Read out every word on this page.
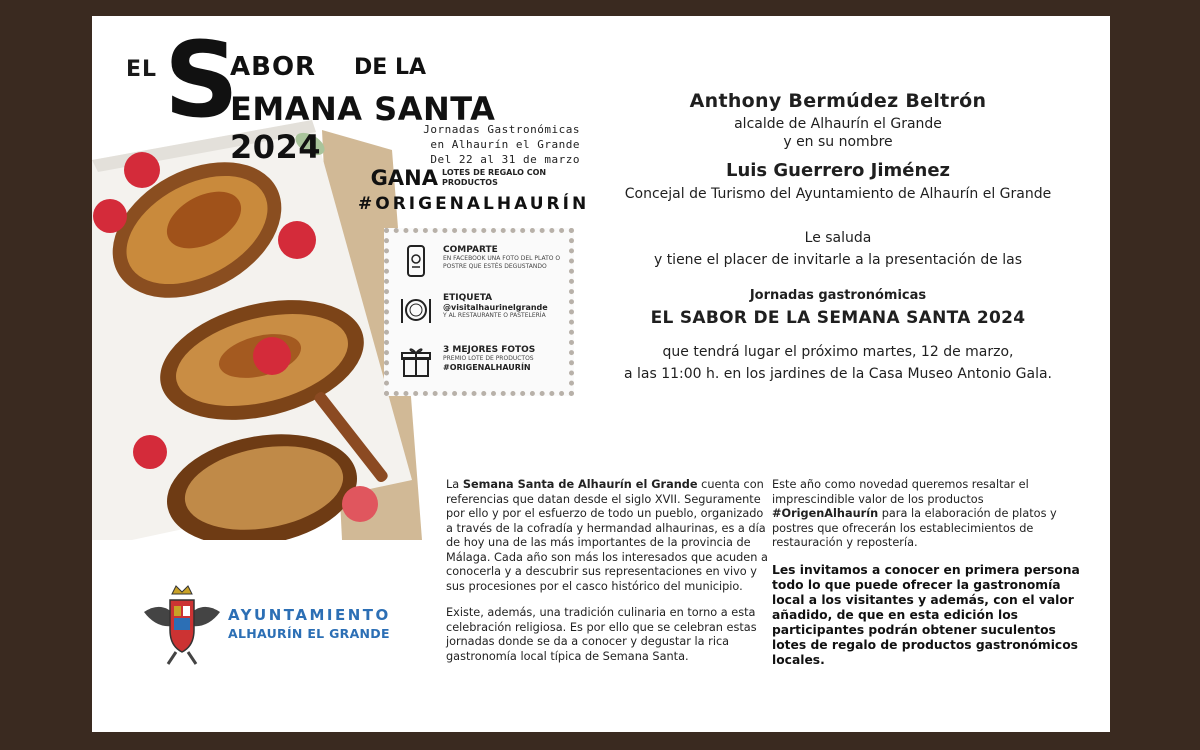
EL S
ABOR DE LA
EMANA SANTA 2024	Jornadas Gastronómicas
en Alhaurín el Grande
Del 22 al 31 de marzo
GANA LOTES DE REGALO CON PRODUCTOS
#ORIGENALHAURÍN
COMPARTE
EN FACEBOOK UNA FOTO DEL PLATO O POSTRE QUE ESTÉS DEGUSTANDO
ETIQUETA
@visitalhaurinelgrande
Y AL RESTAURANTE O PASTELERÍA
3 MEJORES FOTOS
PREMIO LOTE DE PRODUCTOS
#ORIGENALHAURÍN
AYUNTAMIENTO
ALHAURÍN EL GRANDE
Anthony Bermúdez Beltrón
alcalde de Alhaurín el Grande
y en su nombre
Luis Guerrero Jiménez
Concejal de Turismo del Ayuntamiento de Alhaurín el Grande
Le saluda
y tiene el placer de invitarle a la presentación de las
Jornadas gastronómicas
EL SABOR DE LA SEMANA SANTA 2024
que tendrá lugar el próximo martes, 12 de marzo,
a las 11:00 h. en los jardines de la Casa Museo Antonio Gala.

La Semana Santa de Alhaurín el Grande cuenta con referencias que datan desde el siglo XVII. Seguramente por ello y por el esfuerzo de todo un pueblo, organizado a través de la cofradía y hermandad alhaurinas, es a día de hoy una de las más importantes de la provincia de Málaga. Cada año son más los interesados que acuden a conocerla y a descubrir sus representaciones en vivo y sus procesiones por el casco histórico del municipio.

Existe, además, una tradición culinaria en torno a esta celebración religiosa. Es por ello que se celebran estas jornadas donde se da a conocer y degustar la rica gastronomía local típica de Semana Santa.

Este año como novedad queremos resaltar el imprescindible valor de los productos #OrigenAlhaurín para la elaboración de platos y postres que ofrecerán los establecimientos de restauración y repostería.

Les invitamos a conocer en primera persona todo lo que puede ofrecer la gastronomía local a los visitantes y además, con el valor añadido, de que en esta edición los participantes podrán obtener suculentos lotes de regalo de productos gastronómicos locales.
